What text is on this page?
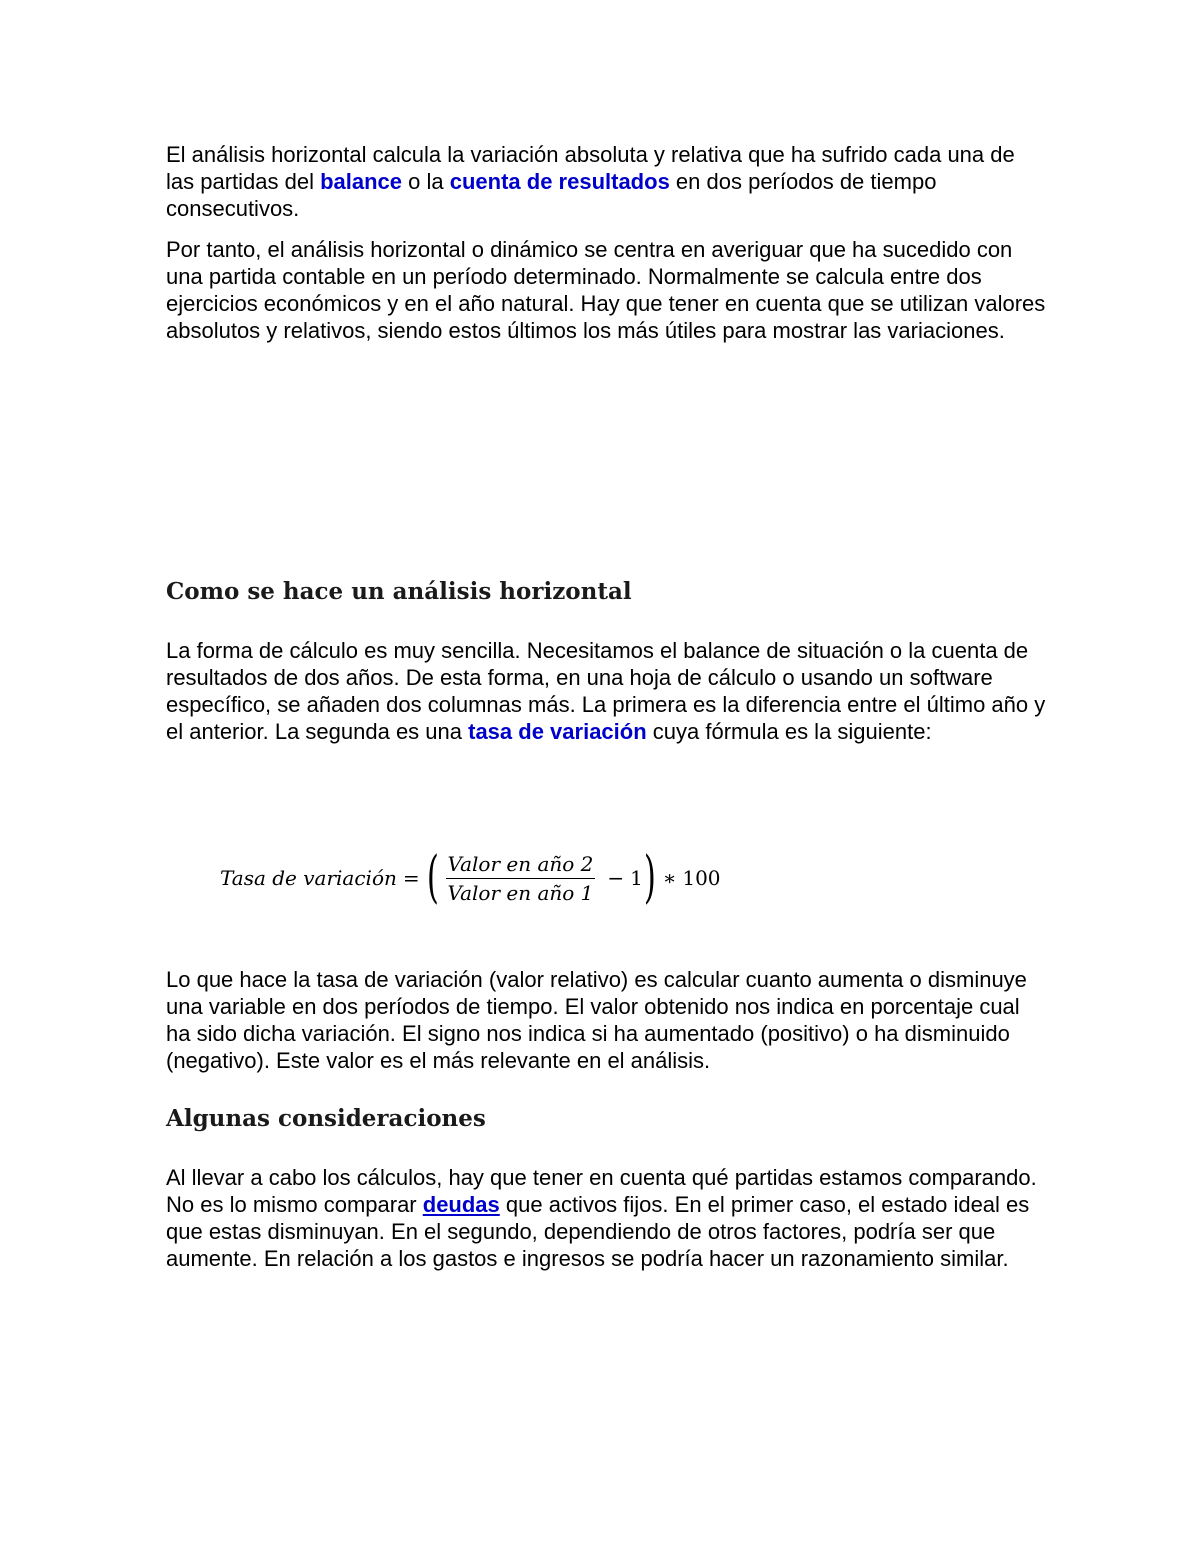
El análisis horizontal calcula la variación absoluta y relativa que ha sufrido cada una de las partidas del balance o la cuenta de resultados en dos períodos de tiempo consecutivos.

Por tanto, el análisis horizontal o dinámico se centra en averiguar que ha sucedido con una partida contable en un período determinado. Normalmente se calcula entre dos ejercicios económicos y en el año natural. Hay que tener en cuenta que se utilizan valores absolutos y relativos, siendo estos últimos los más útiles para mostrar las variaciones.

Como se hace un análisis horizontal

La forma de cálculo es muy sencilla. Necesitamos el balance de situación o la cuenta de resultados de dos años. De esta forma, en una hoja de cálculo o usando un software específico, se añaden dos columnas más. La primera es la diferencia entre el último año y el anterior. La segunda es una tasa de variación cuya fórmula es la siguiente:

Tasa de variación = ( $\frac{\text{Valor en año 2}}{\text{Valor en año 1}} - 1$ ) ∗ 100

Lo que hace la tasa de variación (valor relativo) es calcular cuanto aumenta o disminuye una variable en dos períodos de tiempo. El valor obtenido nos indica en porcentaje cual ha sido dicha variación. El signo nos indica si ha aumentado (positivo) o ha disminuido (negativo). Este valor es el más relevante en el análisis.

Algunas consideraciones

Al llevar a cabo los cálculos, hay que tener en cuenta qué partidas estamos comparando. No es lo mismo comparar deudas que activos fijos. En el primer caso, el estado ideal es que estas disminuyan. En el segundo, dependiendo de otros factores, podría ser que aumente. En relación a los gastos e ingresos se podría hacer un razonamiento similar.
